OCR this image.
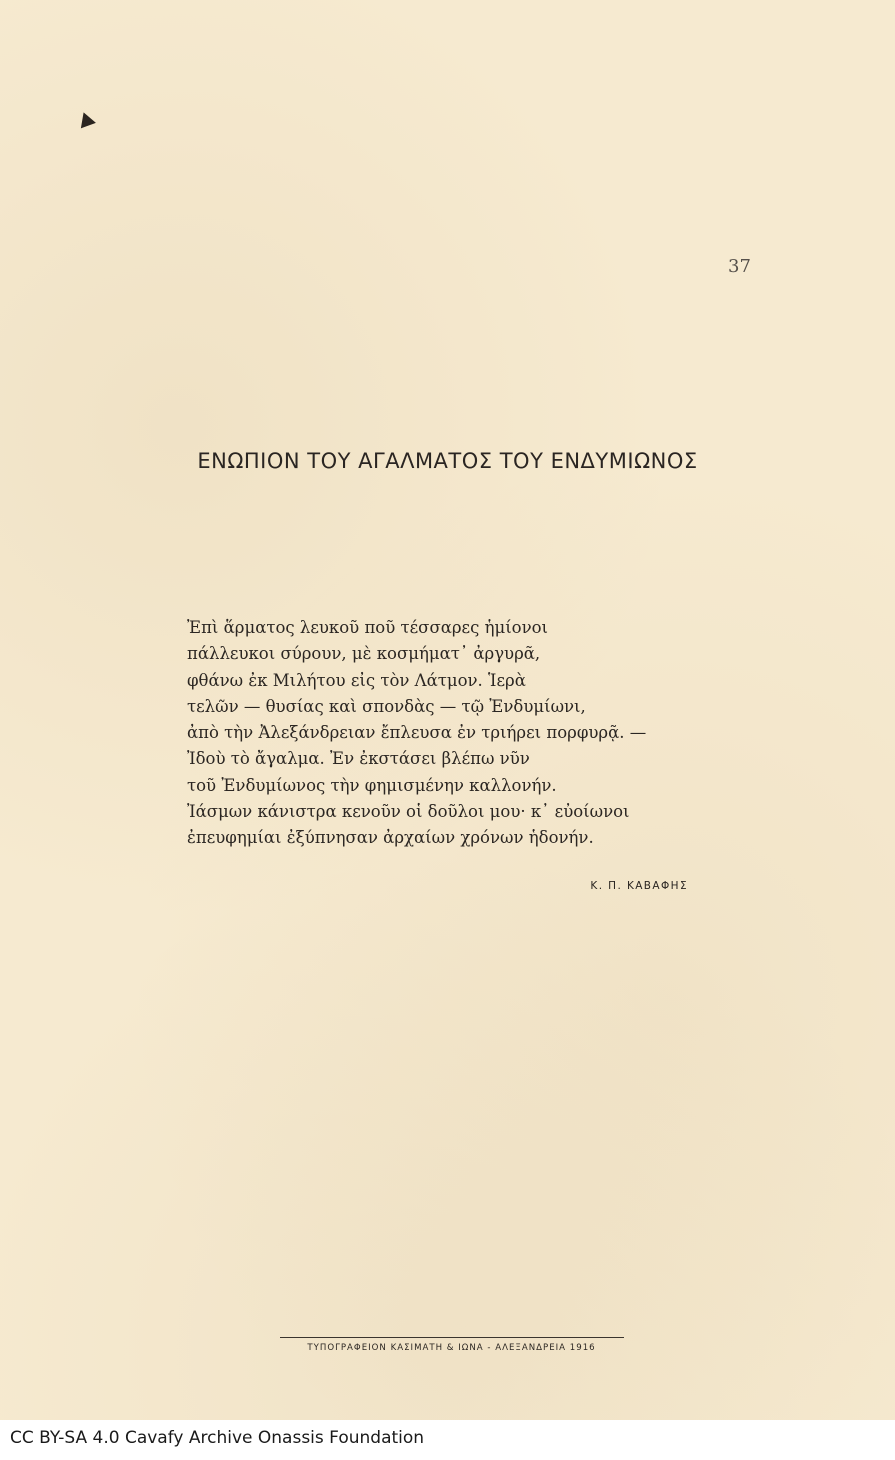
37
ΕΝΩΠΙΟΝ ΤΟΥ ΑΓΑΛΜΑΤΟΣ ΤΟΥ ΕΝΔΥΜΙΩΝΟΣ
Ἐπὶ ἅρματος λευκοῦ ποῦ τέσσαρες ἡμίονοι
πάλλευκοι σύρουν, μὲ κοσμήματ᾿ ἀργυρᾶ,
φθάνω ἐκ Μιλήτου εἰς τὸν Λάτμον. Ἱερὰ
τελῶν — θυσίας καὶ σπονδὰς — τῷ Ἐνδυμίωνι,
ἀπὸ τὴν Ἀλεξάνδρειαν ἔπλευσα ἐν τριήρει πορφυρᾷ. —
Ἰδοὺ τὸ ἄγαλμα. Ἐν ἐκστάσει βλέπω νῦν
τοῦ Ἐνδυμίωνος τὴν φημισμένην καλλονήν.
Ἰάσμων κάνιστρα κενοῦν οἱ δοῦλοι μου· κ᾿ εὐοίωνοι
ἐπευφημίαι ἐξύπνησαν ἀρχαίων χρόνων ἡδονήν.
Κ. Π. ΚΑΒΑΦΗΣ
ΤΥΠΟΓΡΑΦΕΙΟΝ ΚΑΣΙΜΑΤΗ & ΙΩΝΑ - ΑΛΕΞΑΝΔΡΕΙΑ 1916
CC BY-SA 4.0 Cavafy Archive Onassis Foundation
